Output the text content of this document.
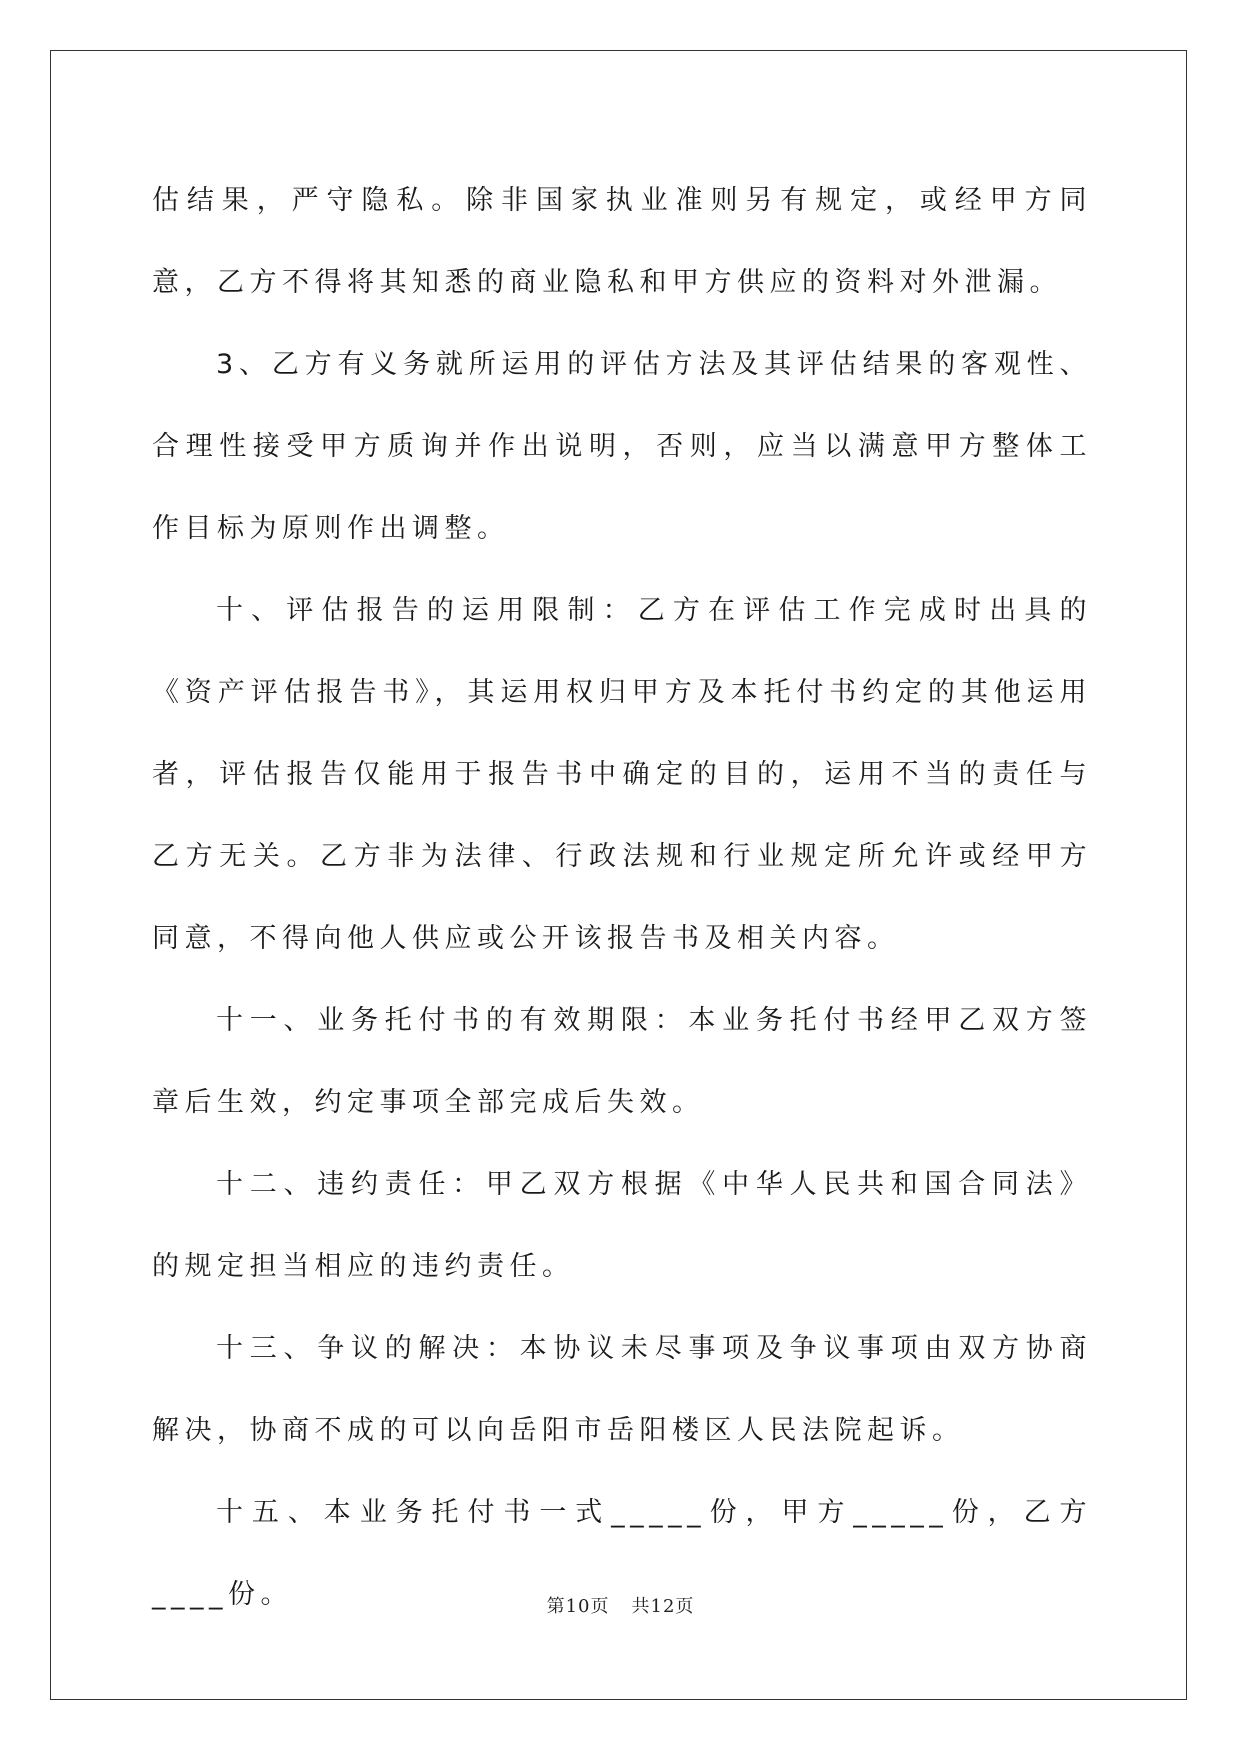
估结果，严守隐私。除非国家执业准则另有规定，或经甲方同意，乙方不得将其知悉的商业隐私和甲方供应的资料对外泄漏。

3、乙方有义务就所运用的评估方法及其评估结果的客观性、合理性接受甲方质询并作出说明，否则，应当以满意甲方整体工作目标为原则作出调整。

十、评估报告的运用限制：乙方在评估工作完成时出具的《资产评估报告书》，其运用权归甲方及本托付书约定的其他运用者，评估报告仅能用于报告书中确定的目的，运用不当的责任与乙方无关。乙方非为法律、行政法规和行业规定所允许或经甲方同意，不得向他人供应或公开该报告书及相关内容。

十一、业务托付书的有效期限：本业务托付书经甲乙双方签章后生效，约定事项全部完成后失效。

十二、违约责任：甲乙双方根据《中华人民共和国合同法》的规定担当相应的违约责任。

十三、争议的解决：本协议未尽事项及争议事项由双方协商解决，协商不成的可以向岳阳市岳阳楼区人民法院起诉。

十五、本业务托付书一式_____份，甲方_____份，乙方____份。	第10页 共12页
